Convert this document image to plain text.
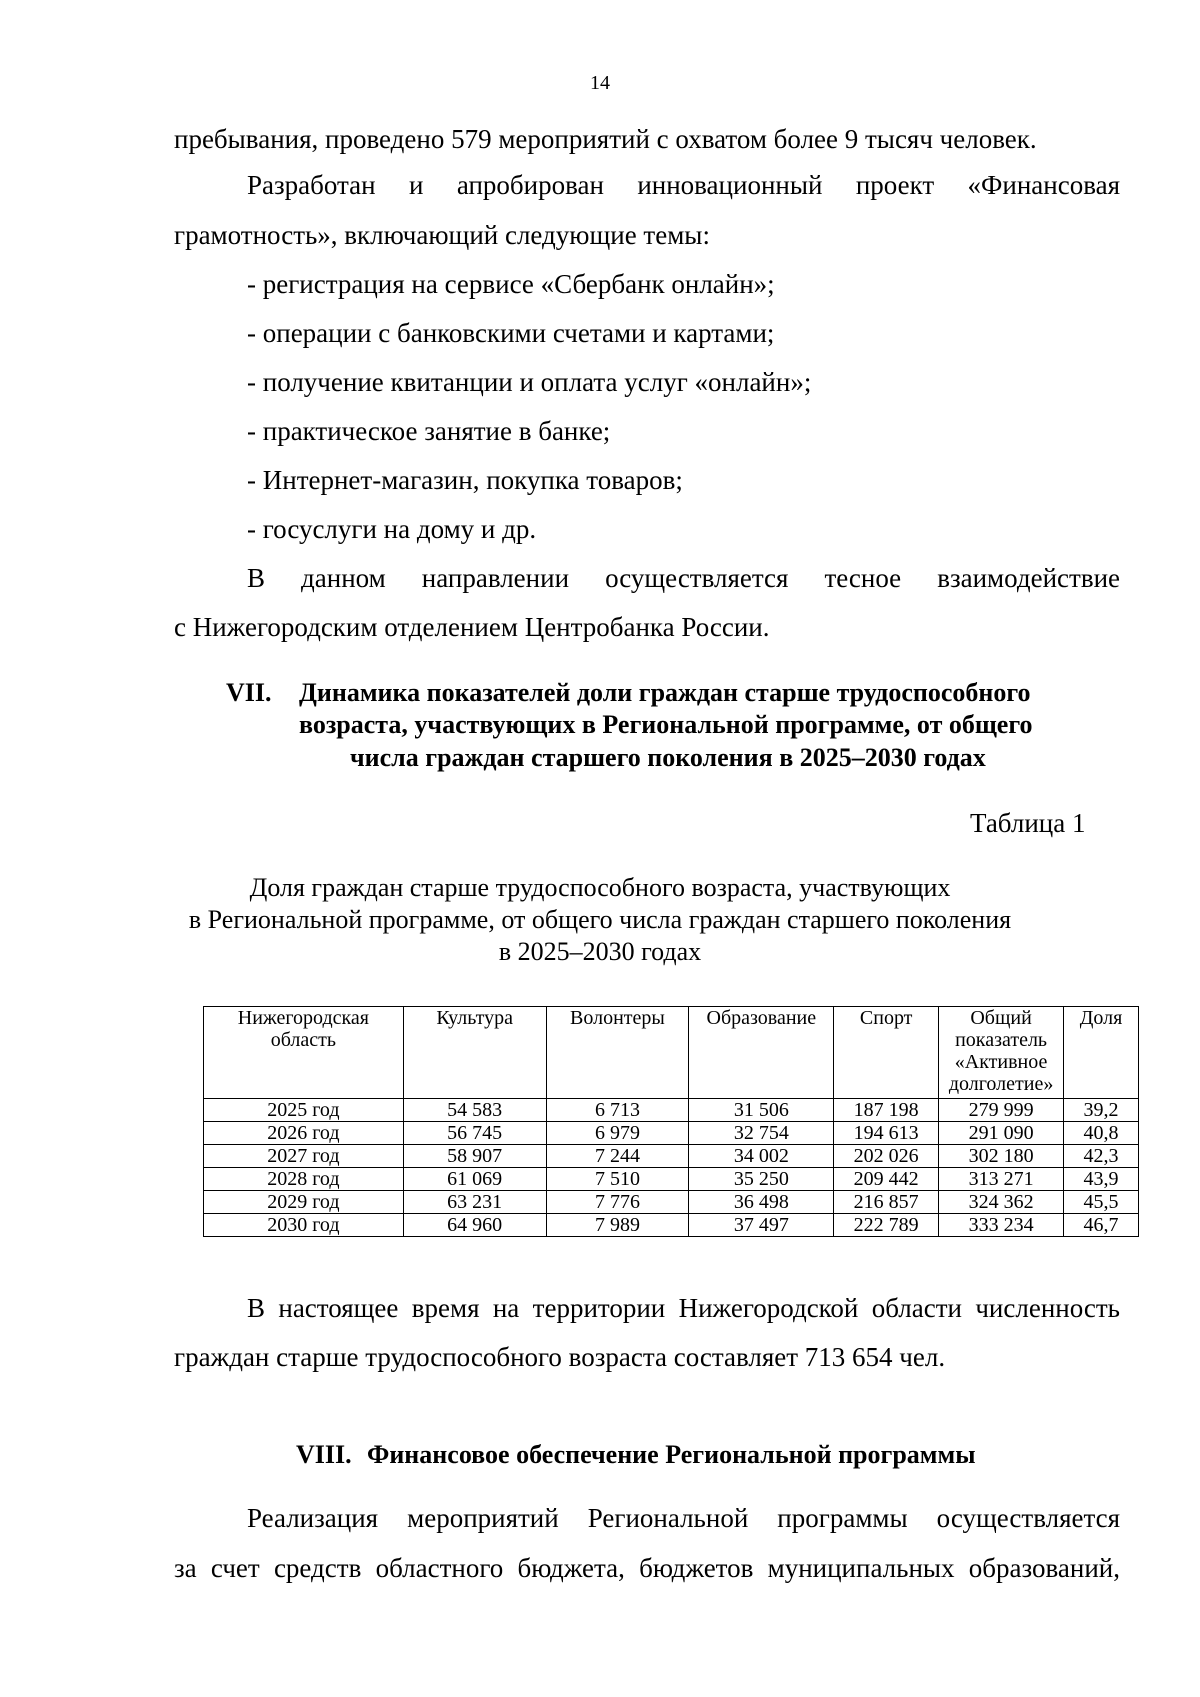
14
пребывания, проведено 579 мероприятий с охватом более 9 тысяч человек.
Разработан и апробирован инновационный проект «Финансовая
грамотность», включающий следующие темы:
- регистрация на сервисе «Сбербанк онлайн»;
- операции с банковскими счетами и картами;
- получение квитанции и оплата услуг «онлайн»;
- практическое занятие в банке;
- Интернет-магазин, покупка товаров;
- госуслуги на дому и др.
В данном направлении осуществляется тесное взаимодействие
с Нижегородским отделением Центробанка России.
VII. Динамика показателей доли граждан старше трудоспособного
возраста, участвующих в Региональной программе, от общего
числа граждан старшего поколения в 2025–2030 годах
Таблица 1
Доля граждан старше трудоспособного возраста, участвующих
в Региональной программе, от общего числа граждан старшего поколения
в 2025–2030 годах
Нижегородская область	Культура	Волонтеры	Образование	Спорт	Общий показатель «Активное долголетие»	Доля
2025 год	54 583	6 713	31 506	187 198	279 999	39,2
2026 год	56 745	6 979	32 754	194 613	291 090	40,8
2027 год	58 907	7 244	34 002	202 026	302 180	42,3
2028 год	61 069	7 510	35 250	209 442	313 271	43,9
2029 год	63 231	7 776	36 498	216 857	324 362	45,5
2030 год	64 960	7 989	37 497	222 789	333 234	46,7
В настоящее время на территории Нижегородской области численность
граждан старше трудоспособного возраста составляет 713 654 чел.
VIII. Финансовое обеспечение Региональной программы
Реализация мероприятий Региональной программы осуществляется
за счет средств областного бюджета, бюджетов муниципальных образований,
